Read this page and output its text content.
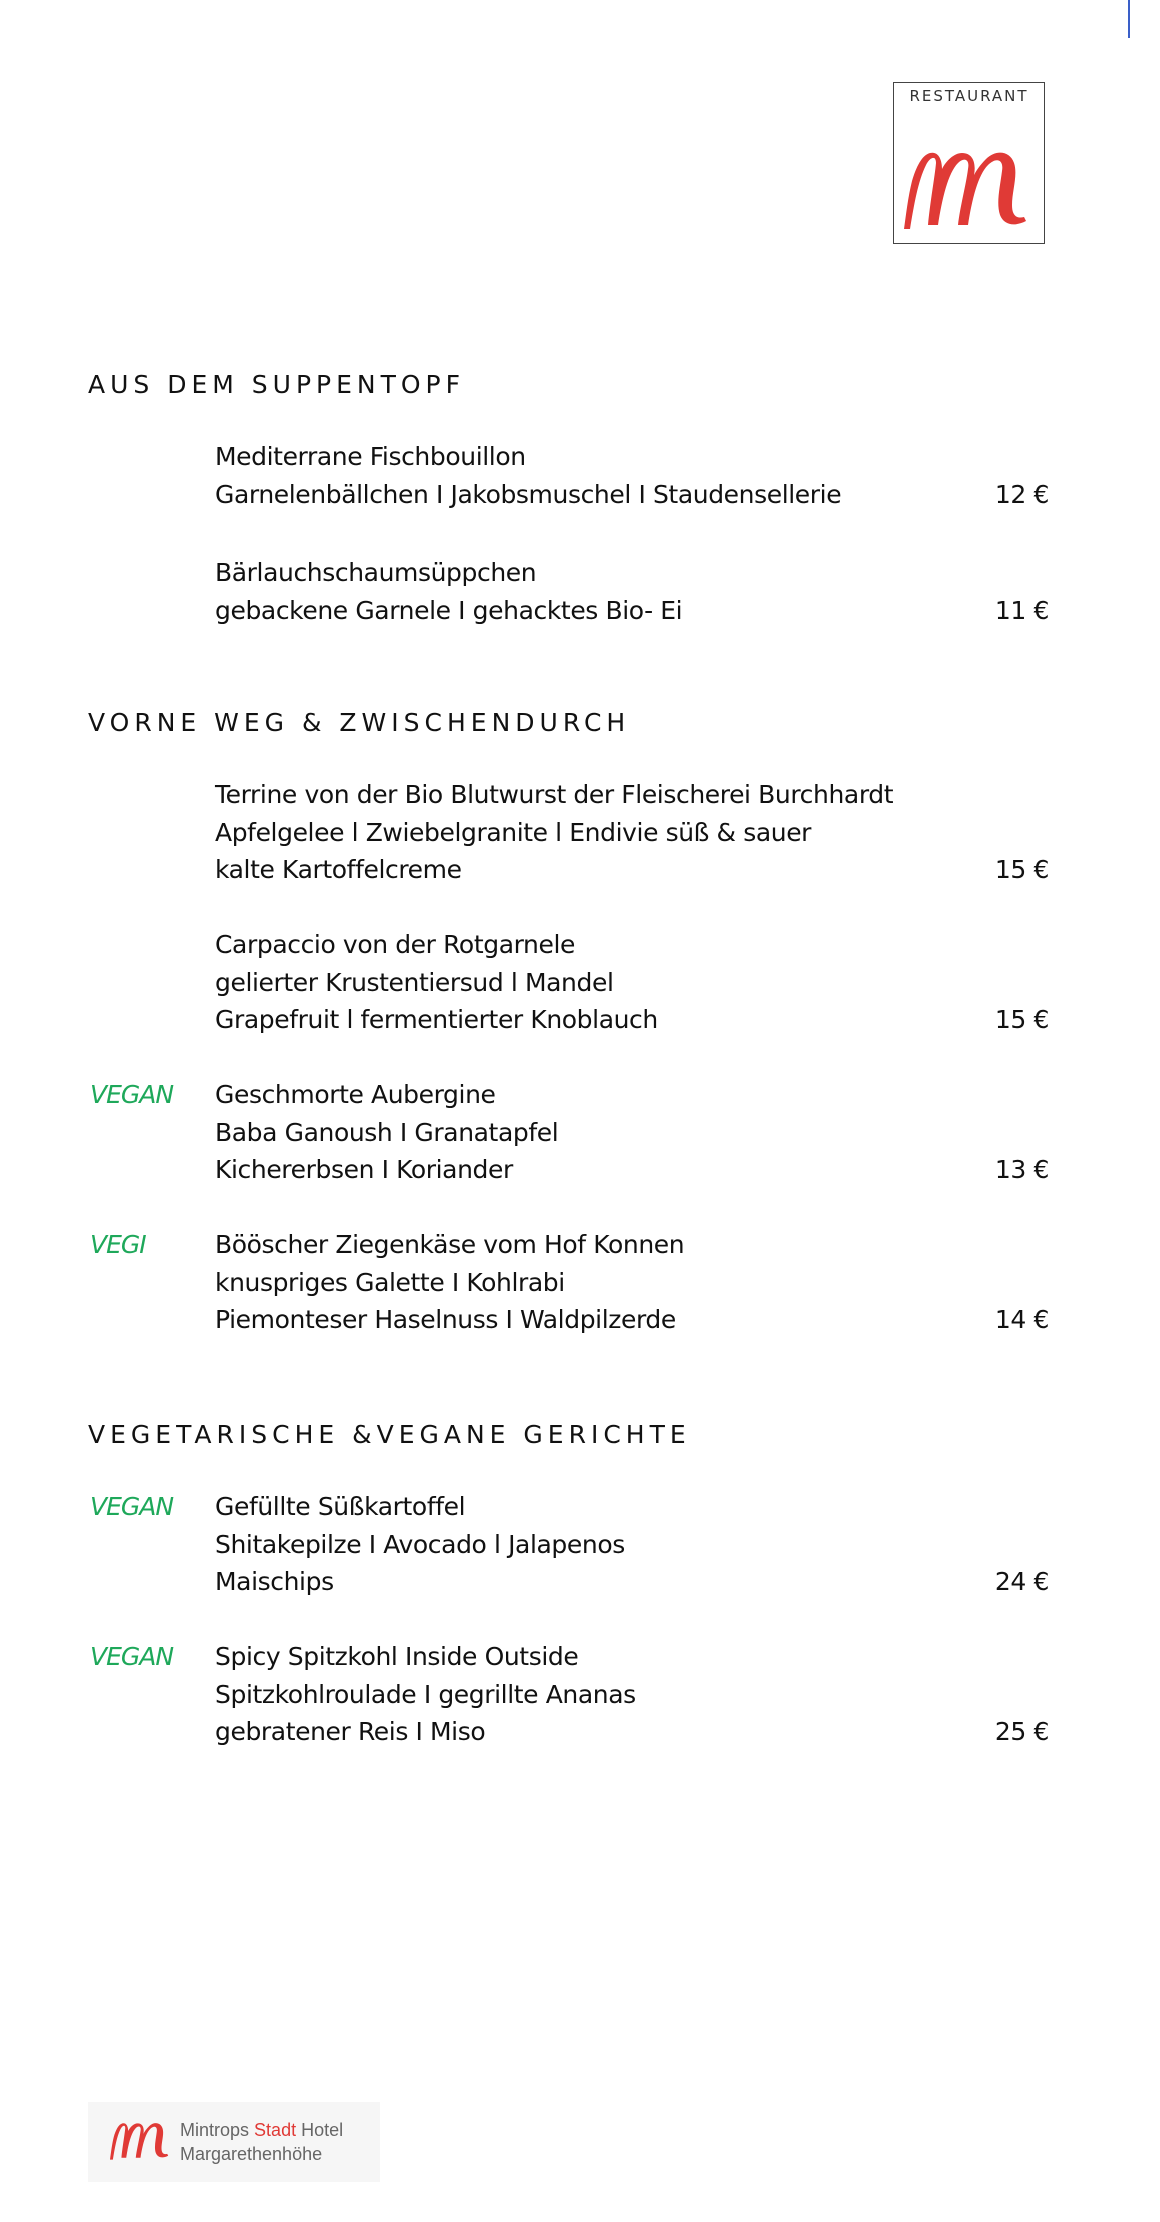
RESTAURANT
AUS DEM SUPPENTOPF
Mediterrane Fischbouillon
Garnelenbällchen I Jakobsmuschel I Staudensellerie	12 €
Bärlauchschaumsüppchen
gebackene Garnele I gehacktes Bio- Ei	11 €
VORNE WEG & ZWISCHENDURCH
Terrine von der Bio Blutwurst der Fleischerei Burchhardt
Apfelgelee l Zwiebelgranite l Endivie süß & sauer
kalte Kartoffelcreme	15 €
Carpaccio von der Rotgarnele
gelierter Krustentiersud l Mandel
Grapefruit l fermentierter Knoblauch	15 €
VEGAN Geschmorte Aubergine
Baba Ganoush I Granatapfel
Kichererbsen I Koriander	13 €
VEGI	Bööscher Ziegenkäse vom Hof Konnen
knuspriges Galette I Kohlrabi
Piemonteser Haselnuss I Waldpilzerde	14 €
VEGETARISCHE &VEGANE GERICHTE
VEGAN Gefüllte Süßkartoffel
Shitakepilze I Avocado l Jalapenos
Maischips	24 €
VEGAN Spicy Spitzkohl Inside Outside
Spitzkohlroulade I gegrillte Ananas
gebratener Reis I Miso	25 €
Mintrops Stadt Hotel
Margarethenhöhe
